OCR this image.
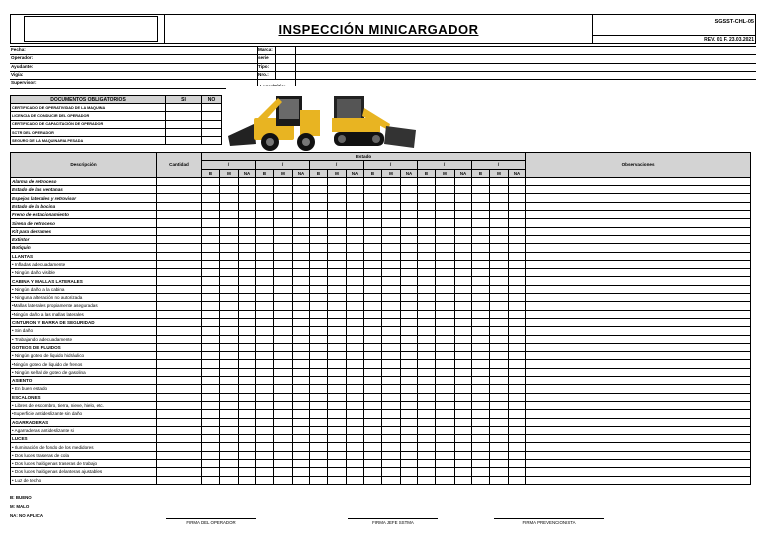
INSPECCIÓN MINICARGADOR	SGSST-CHL-05
REV. 01 F. 23.03.2021
Fecha:
Operador:
Ayudante:
Vigía:
Supervisor:
Marca:
serie
Tipo:
Nro.:
DOCUMENTOS OBLIGATORIOS	SI	NO
CERTIFICADO DE OPERATIVIDAD DE LA MAQUINA		
LICENCIA DE CONDUCIR DEL OPERADOR		
CERTIFICADO DE CAPACITACIÓN DE OPERADOR		
SCTR DEL OPERADOR		
SEGURO DE LA MAQUINARIA PESADA		
Descripción	Cantidad	Estado																		Observaciones
		/			/			/			/			/			/			
		B	M	NA	B	M	NA	B	M	NA	B	M	NA	B	M	NA	B	M	NA	
Alarma de retroceso																				
Estado de las ventanas																				
Espejos laterales y retrovisor																				
Estado de la bocina																				
Freno de estacionamiento																				
Sirena de retroceso																				
Kit para derrames																				
Extintor																				
Botiquin																				
LLANTAS																				
• Infladas adecuadamente																				
• Ningún daño visible																				
CABINA Y MALLAS LATERALES																				
• Ningún daño a la cabina																				
• Ninguna alteración no autorizada																				
•Mallas laterales propiamente aseguradas																				
•Ningún daño a las mallas laterales																				
CINTURON Y BARRA DE SEGURIDAD																				
• Sin daño																				
• Trabajando adecuadamente																				
GOTEOS DE FLUIDOS																				
• Ningún goteo de liquido hidráulico																				
•Ningún goteo de liquido de frenos																				
• Ningún señal de goteo de gasolina																				
ASIENTO																				
• En buen estado																				
ESCALONES																				
• Libres de escombro, tierra, nieve, hielo, etc.																				
•Superficie antideslizante sin daño																				
AGARRADERAS																				
• Agarraderas antideslizante si																				
LUCES																				
• Iluminación de fondo de los medidores																				
• Dos luces traseras de cola																				
• Dos luces halógenas traseras de trabajo																				
• Dos luces halógenas delanteras ajustables																				
• Luz de techo																				
B: BUENO
M: MALO
NA: NO APLICA
FIRMA DEL OPERADOR	FIRMA JEFE SSTMA	FIRMA PREVENCIONISTA
